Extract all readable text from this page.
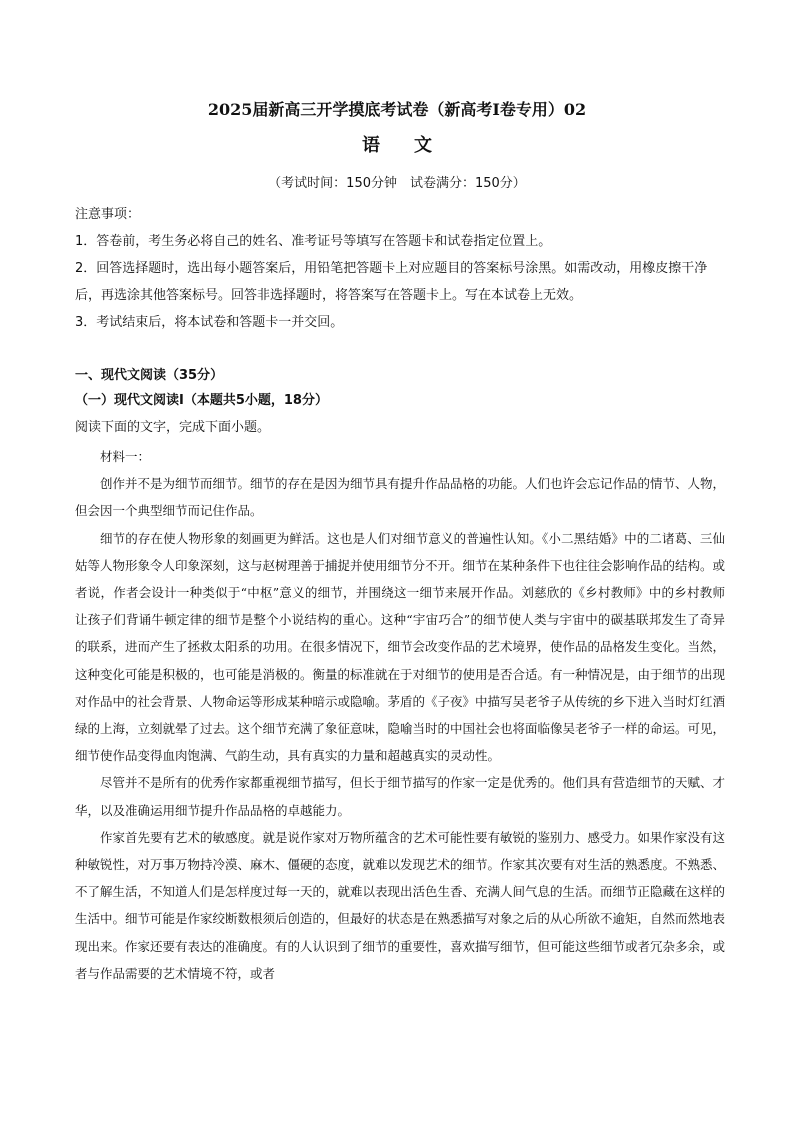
2025届新高三开学摸底考试卷（新高考Ⅰ卷专用）02
语文
（考试时间：150分钟　试卷满分：150分）

注意事项：

1．答卷前，考生务必将自己的姓名、准考证号等填写在答题卡和试卷指定位置上。

2．回答选择题时，选出每小题答案后，用铅笔把答题卡上对应题目的答案标号涂黑。如需改动，用橡皮擦干净后，再选涂其他答案标号。回答非选择题时，将答案写在答题卡上。写在本试卷上无效。

3．考试结束后，将本试卷和答题卡一并交回。

一、现代文阅读（35分）
（一）现代文阅读Ⅰ（本题共5小题，18分）
阅读下面的文字，完成下面小题。

材料一：

创作并不是为细节而细节。细节的存在是因为细节具有提升作品品格的功能。人们也许会忘记作品的情节、人物，但会因一个典型细节而记住作品。

细节的存在使人物形象的刻画更为鲜活。这也是人们对细节意义的普遍性认知。《小二黑结婚》中的二诸葛、三仙姑等人物形象令人印象深刻，这与赵树理善于捕捉并使用细节分不开。细节在某种条件下也往往会影响作品的结构。或者说，作者会设计一种类似于“中枢”意义的细节，并围绕这一细节来展开作品。刘慈欣的《乡村教师》中的乡村教师让孩子们背诵牛顿定律的细节是整个小说结构的重心。这种“宇宙巧合”的细节使人类与宇宙中的碳基联邦发生了奇异的联系，进而产生了拯救太阳系的功用。在很多情况下，细节会改变作品的艺术境界，使作品的品格发生变化。当然，这种变化可能是积极的，也可能是消极的。衡量的标准就在于对细节的使用是否合适。有一种情况是，由于细节的出现对作品中的社会背景、人物命运等形成某种暗示或隐喻。茅盾的《子夜》中描写吴老爷子从传统的乡下进入当时灯红酒绿的上海，立刻就晕了过去。这个细节充满了象征意味，隐喻当时的中国社会也将面临像吴老爷子一样的命运。可见，细节使作品变得血肉饱满、气韵生动，具有真实的力量和超越真实的灵动性。

尽管并不是所有的优秀作家都重视细节描写，但长于细节描写的作家一定是优秀的。他们具有营造细节的天赋、才华，以及准确运用细节提升作品品格的卓越能力。

作家首先要有艺术的敏感度。就是说作家对万物所蕴含的艺术可能性要有敏锐的鉴别力、感受力。如果作家没有这种敏锐性，对万事万物持冷漠、麻木、僵硬的态度，就难以发现艺术的细节。作家其次要有对生活的熟悉度。不熟悉、不了解生活，不知道人们是怎样度过每一天的，就难以表现出活色生香、充满人间气息的生活。而细节正隐藏在这样的生活中。细节可能是作家绞断数根须后创造的，但最好的状态是在熟悉描写对象之后的从心所欲不逾矩，自然而然地表现出来。作家还要有表达的准确度。有的人认识到了细节的重要性，喜欢描写细节，但可能这些细节或者冗杂多余，或者与作品需要的艺术情境不符，或者
